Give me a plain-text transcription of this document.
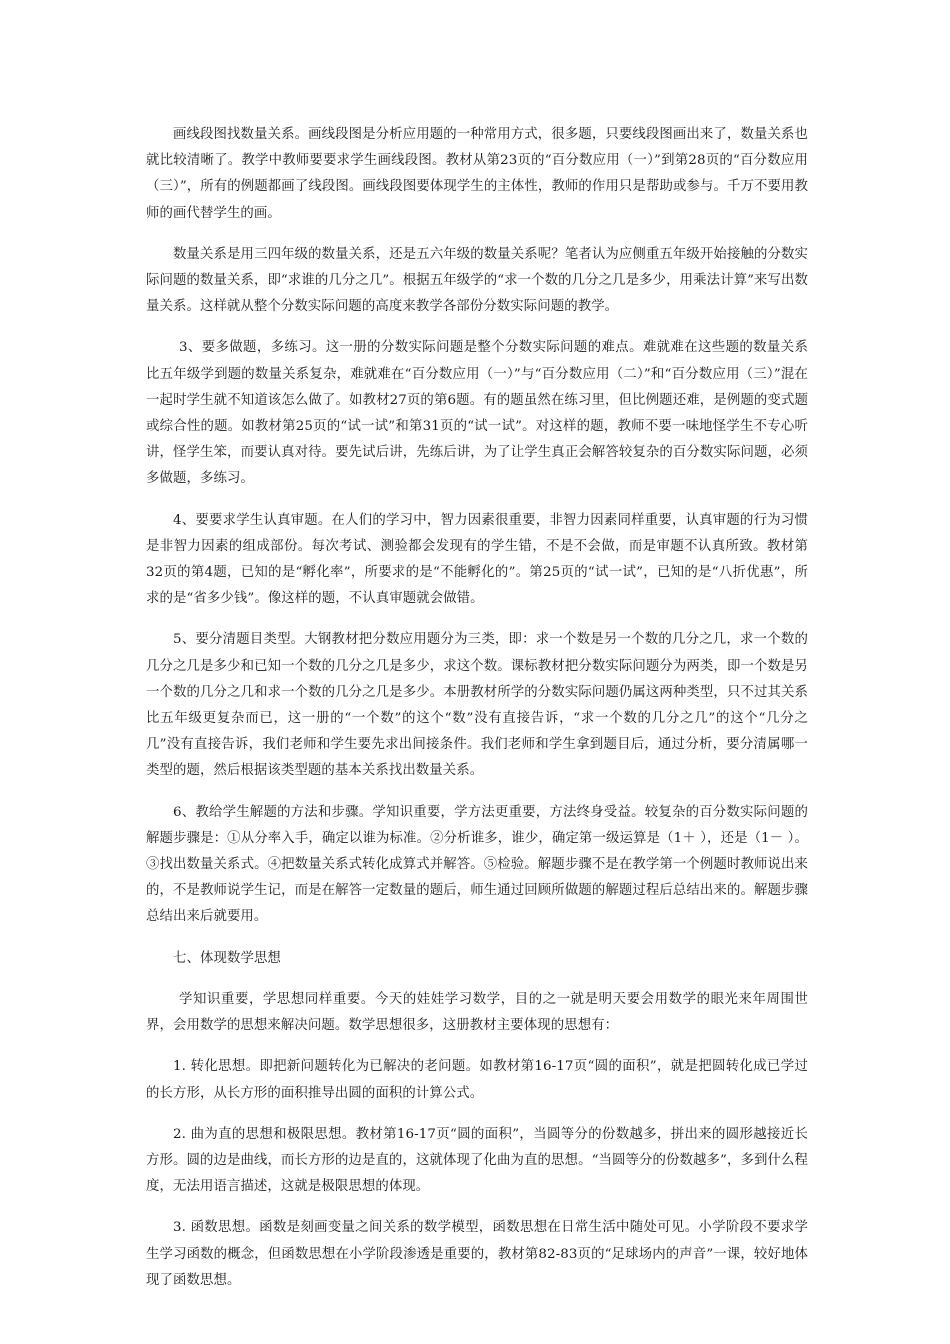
画线段图找数量关系。画线段图是分析应用题的一种常用方式，很多题，只要线段图画出来了，数量关系也就比较清晰了。教学中教师要要求学生画线段图。教材从第23页的“百分数应用（一）”到第28页的“百分数应用（三）”，所有的例题都画了线段图。画线段图要体现学生的主体性，教师的作用只是帮助或参与。千万不要用教师的画代替学生的画。

数量关系是用三四年级的数量关系，还是五六年级的数量关系呢？笔者认为应侧重五年级开始接触的分数实际问题的数量关系，即“求谁的几分之几”。根据五年级学的“求一个数的几分之几是多少，用乘法计算”来写出数量关系。这样就从整个分数实际问题的高度来教学各部份分数实际问题的教学。

3、要多做题，多练习。这一册的分数实际问题是整个分数实际问题的难点。难就难在这些题的数量关系比五年级学到题的数量关系复杂，难就难在“百分数应用（一）”与“百分数应用（二）”和“百分数应用（三）”混在一起时学生就不知道该怎么做了。如教材27页的第6题。有的题虽然在练习里，但比例题还难，是例题的变式题或综合性的题。如教材第25页的“试一试”和第31页的“试一试”。对这样的题，教师不要一味地怪学生不专心听讲，怪学生笨，而要认真对待。要先试后讲，先练后讲，为了让学生真正会解答较复杂的百分数实际问题，必须多做题，多练习。

4、要要求学生认真审题。在人们的学习中，智力因素很重要，非智力因素同样重要，认真审题的行为习惯是非智力因素的组成部份。每次考试、测验都会发现有的学生错，不是不会做，而是审题不认真所致。教材第32页的第4题，已知的是“孵化率”，所要求的是“不能孵化的”。第25页的“试一试”，已知的是“八折优惠”，所求的是“省多少钱”。像这样的题，不认真审题就会做错。

5、要分清题目类型。大钢教材把分数应用题分为三类，即：求一个数是另一个数的几分之几，求一个数的几分之几是多少和已知一个数的几分之几是多少，求这个数。课标教材把分数实际问题分为两类，即一个数是另一个数的几分之几和求一个数的几分之几是多少。本册教材所学的分数实际问题仍属这两种类型，只不过其关系比五年级更复杂而已，这一册的“一个数”的这个“数”没有直接告诉，“求一个数的几分之几”的这个“几分之几”没有直接告诉，我们老师和学生要先求出间接条件。我们老师和学生拿到题目后，通过分析，要分清属哪一类型的题，然后根据该类型题的基本关系找出数量关系。

6、教给学生解题的方法和步骤。学知识重要，学方法更重要，方法终身受益。较复杂的百分数实际问题的解题步骤是：①从分率入手，确定以谁为标准。②分析谁多，谁少，确定第一级运算是（1＋ ），还是（1－ ）。③找出数量关系式。④把数量关系式转化成算式并解答。⑤检验。解题步骤不是在教学第一个例题时教师说出来的，不是教师说学生记，而是在解答一定数量的题后，师生通过回顾所做题的解题过程后总结出来的。解题步骤总结出来后就要用。

七、体现数学思想

学知识重要，学思想同样重要。今天的娃娃学习数学，目的之一就是明天要会用数学的眼光来年周围世界，会用数学的思想来解决问题。数学思想很多，这册教材主要体现的思想有：

1. 转化思想。即把新问题转化为已解决的老问题。如教材第16-17页“圆的面积”，就是把圆转化成已学过的长方形，从长方形的面积推导出圆的面积的计算公式。

2. 曲为直的思想和极限思想。教材第16-17页“圆的面积”，当圆等分的份数越多，拼出来的圆形越接近长方形。圆的边是曲线，而长方形的边是直的，这就体现了化曲为直的思想。“当圆等分的份数越多”，多到什么程度，无法用语言描述，这就是极限思想的体现。

3. 函数思想。函数是刻画变量之间关系的数学模型，函数思想在日常生活中随处可见。小学阶段不要求学生学习函数的概念，但函数思想在小学阶段渗透是重要的，教材第82-83页的“足球场内的声音”一课，较好地体现了函数思想。
